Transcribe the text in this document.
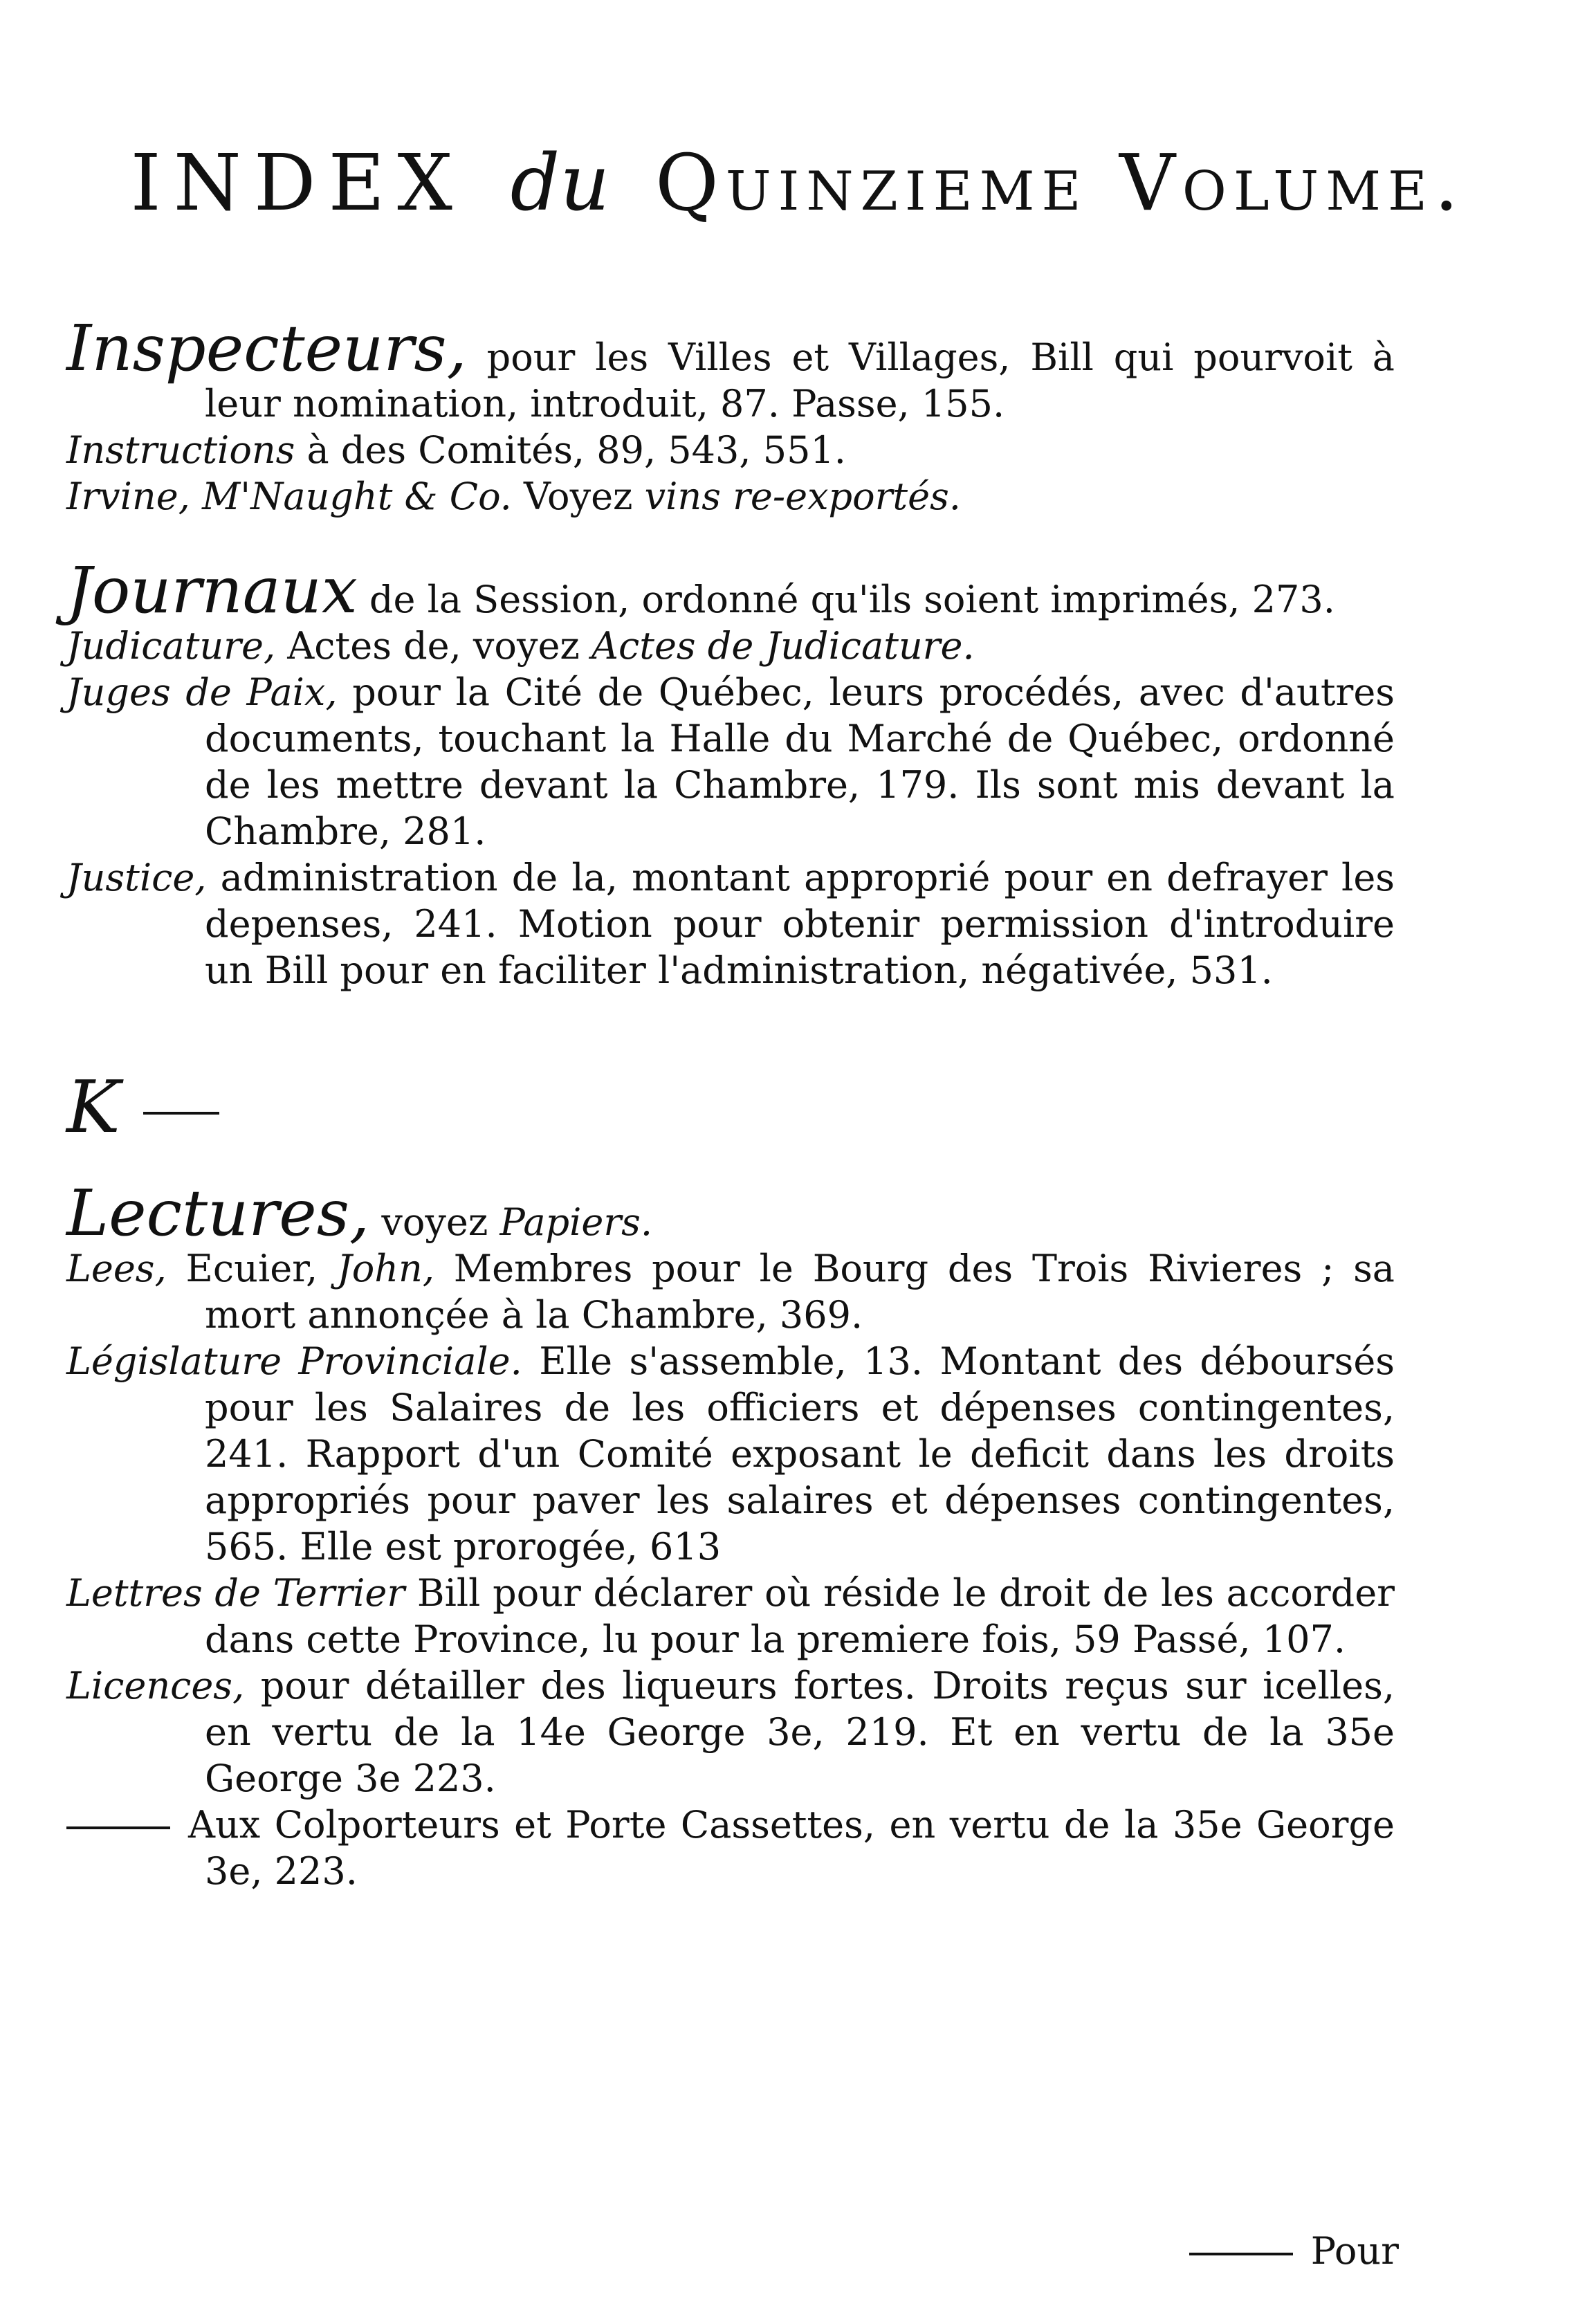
INDEX du Quinzieme Volume.

Inspecteurs, pour les Villes et Villages, Bill qui pourvoit à leur nomination, introduit, 87. Passe, 155.

Instructions à des Comités, 89, 543, 551.

Irvine, M'Naught & Co. Voyez vins re-exportés.

Journaux de la Session, ordonné qu'ils soient imprimés, 273.

Judicature, Actes de, voyez Actes de Judicature.

Juges de Paix, pour la Cité de Québec, leurs procédés, avec d'autres documents, touchant la Halle du Marché de Québec, ordonné de les mettre devant la Chambre, 179. Ils sont mis devant la Chambre, 281.

Justice, administration de la, montant approprié pour en defrayer les depenses, 241. Motion pour obtenir permission d'introduire un Bill pour en faciliter l'administration, négativée, 531.

K

Lectures, voyez Papiers.

Lees, Ecuier, John, Membres pour le Bourg des Trois Rivieres ; sa mort annonçée à la Chambre, 369.

Législature Provinciale. Elle s'assemble, 13. Montant des déboursés pour les Salaires de les officiers et dépenses contingentes, 241. Rapport d'un Comité exposant le deficit dans les droits appropriés pour paver les salaires et dépenses contingentes, 565. Elle est prorogée, 613

Lettres de Terrier Bill pour déclarer où réside le droit de les accorder dans cette Province, lu pour la premiere fois, 59 Passé, 107.

Licences, pour détailler des liqueurs fortes. Droits reçus sur icelles, en vertu de la 14e George 3e, 219. Et en vertu de la 35e George 3e 223.

Aux Colporteurs et Porte Cassettes, en vertu de la 35e George 3e, 223.

Pour
